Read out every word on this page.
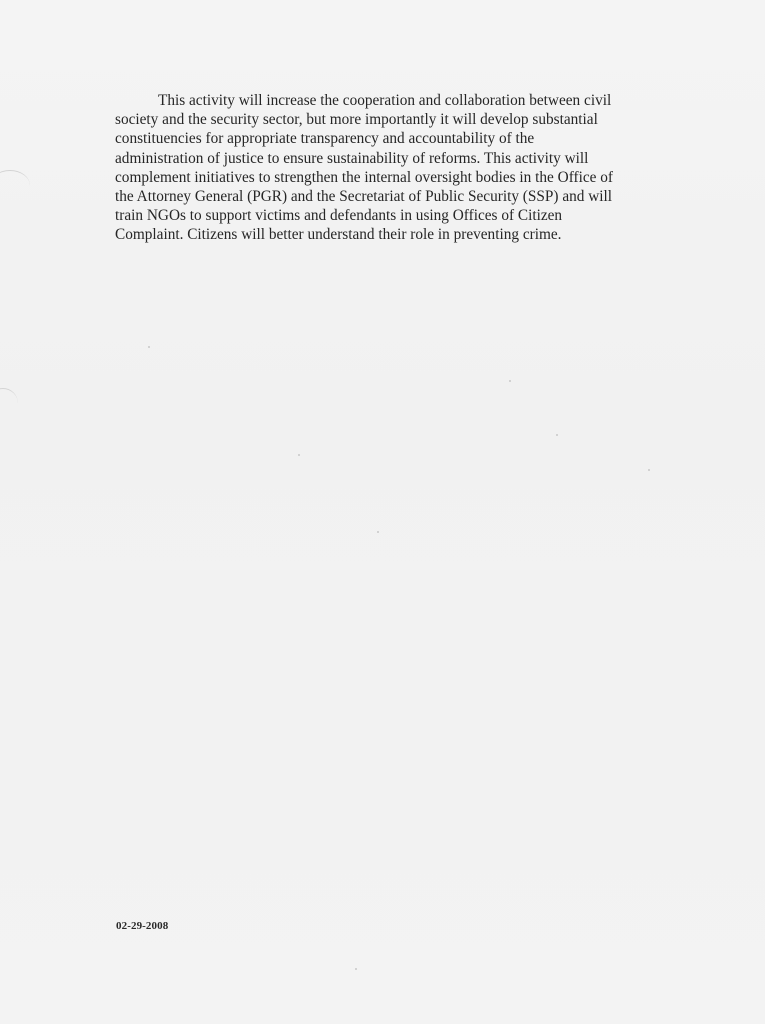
This activity will increase the cooperation and collaboration between civil
society and the security sector, but more importantly it will develop substantial
constituencies for appropriate transparency and accountability of the
administration of justice to ensure sustainability of reforms. This activity will
complement initiatives to strengthen the internal oversight bodies in the Office of
the Attorney General (PGR) and the Secretariat of Public Security (SSP) and will
train NGOs to support victims and defendants in using Offices of Citizen
Complaint. Citizens will better understand their role in preventing crime.

02-29-2008
